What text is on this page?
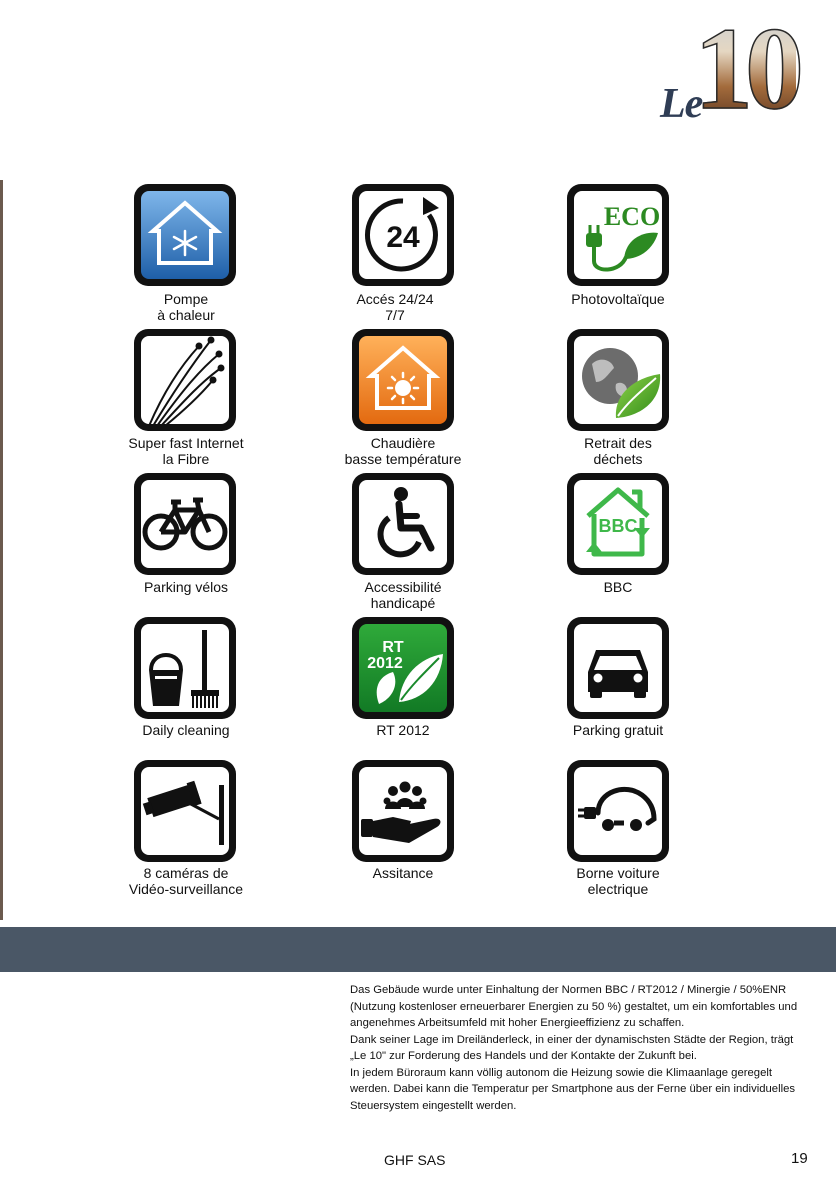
10
Le
Pompe
à chaleur
24
Accés 24/24
7/7
ECO
Photovoltaïque
Super fast Internet
la Fibre
Chaudière
basse température
Retrait des
déchets
Parking vélos	Accessibilité
handicapé
BBC
BBC
Daily cleaning
RT
2012
RT 2012	Parking gratuit
8 caméras de
Vidéo-surveillance
Assitance	Borne voiture
electrique

Das Gebäude wurde unter Einhaltung der Normen BBC / RT2012 / Minergie / 50%ENR (Nutzung kostenloser erneuerbarer Energien zu 50 %) gestaltet, um ein komfortables und angenehmes Arbeitsumfeld mit hoher Energieeffizienz zu schaffen.

Dank seiner Lage im Dreiländerleck, in einer der dynamischsten Städte der Region, trägt „Le 10" zur Forderung des Handels und der Kontakte der Zukunft bei.

In jedem Büroraum kann völlig autonom die Heizung sowie die Klimaanlage geregelt werden. Dabei kann die Temperatur per Smartphone aus der Ferne über ein individuelles Steuersystem eingestellt werden.

GHF SAS	19
